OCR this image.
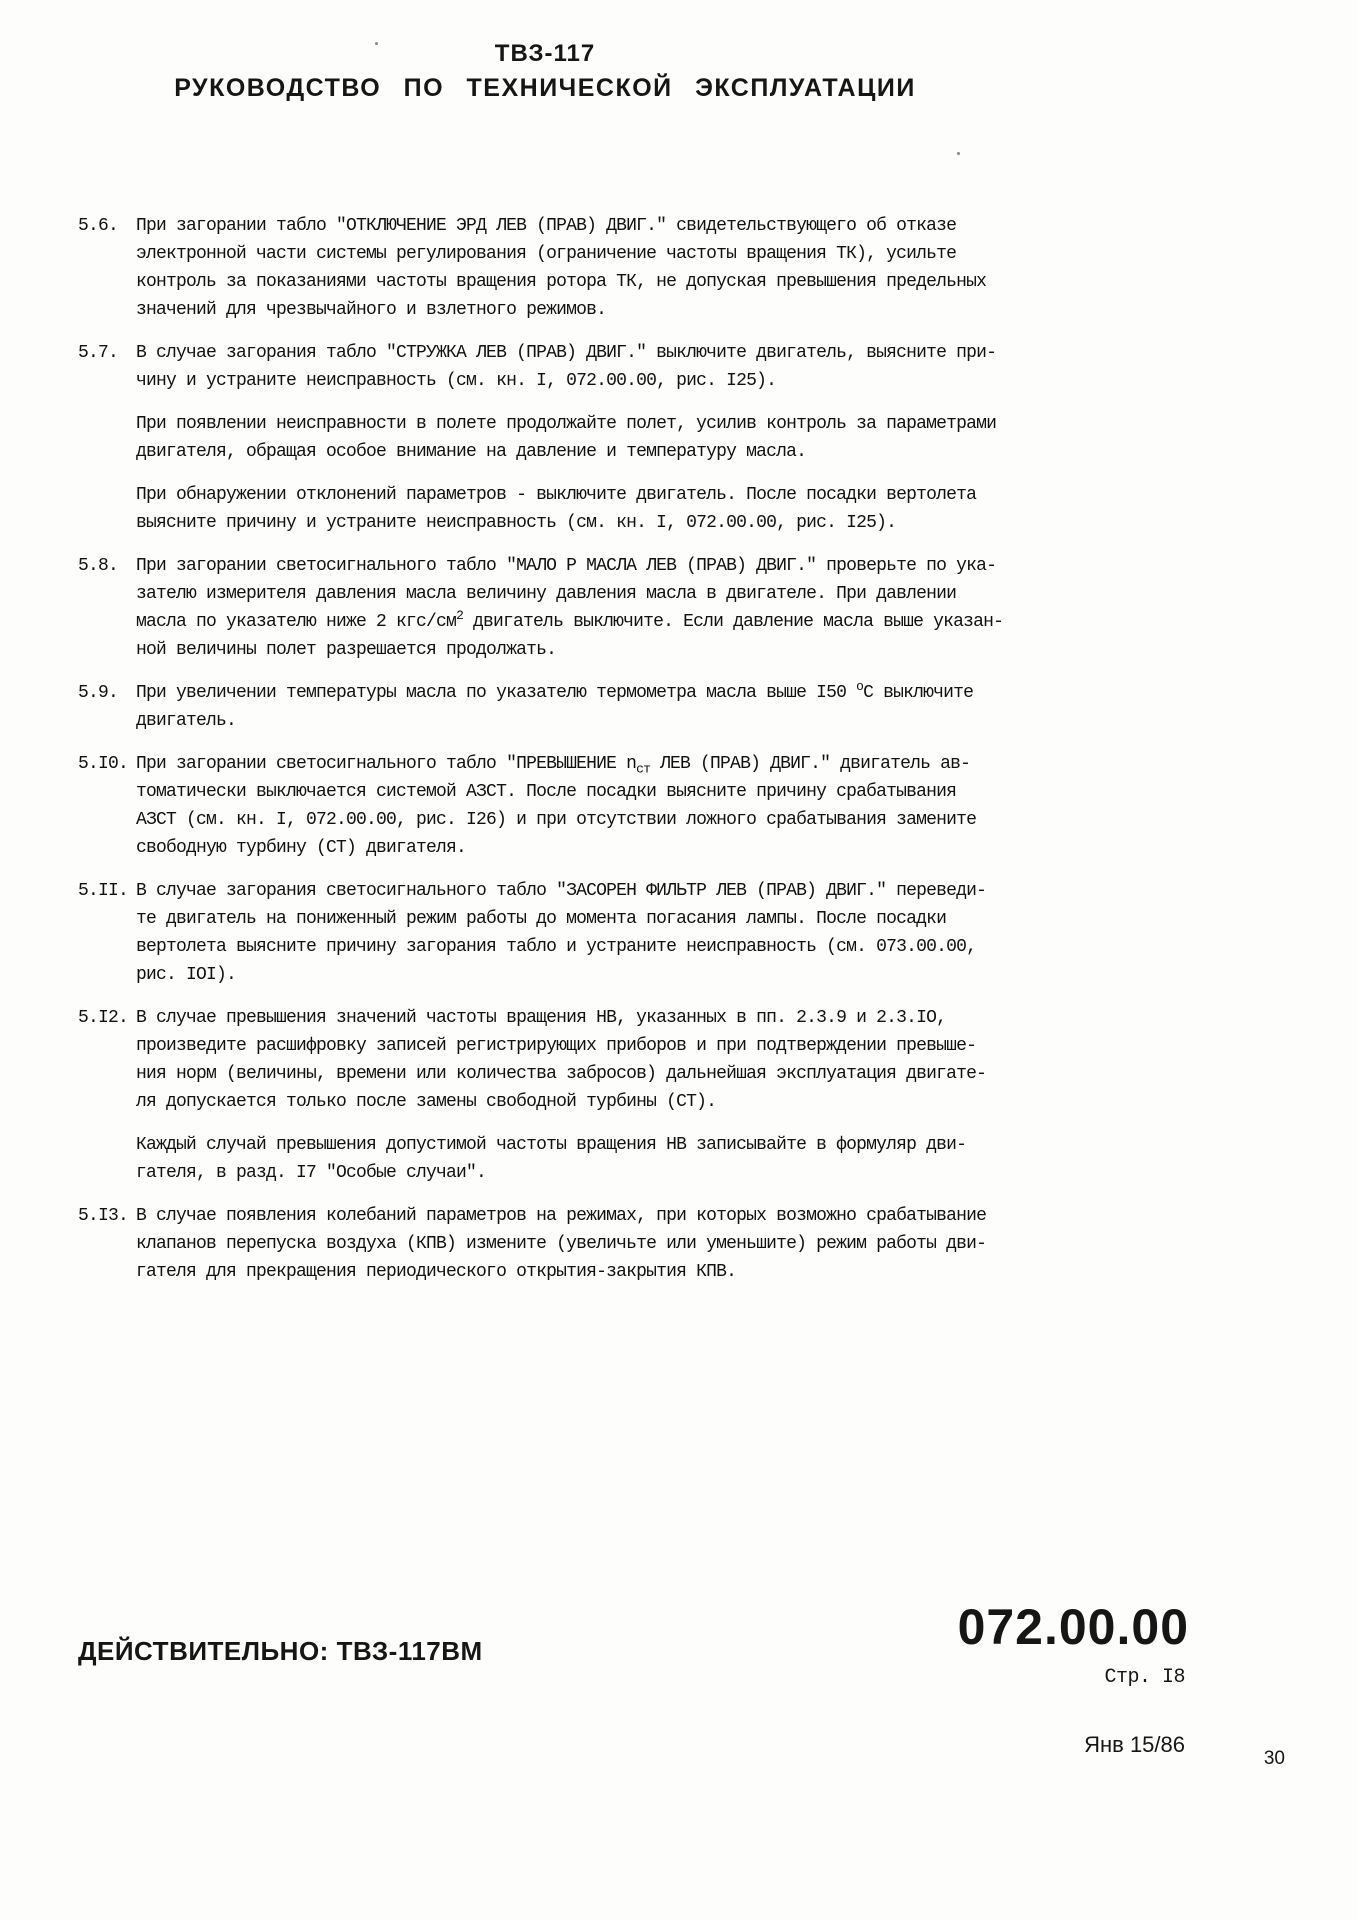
ТВЗ-117
РУКОВОДСТВО ПО ТЕХНИЧЕСКОЙ ЭКСПЛУАТАЦИИ
5.6. При загорании табло "ОТКЛЮЧЕНИЕ ЭРД ЛЕВ (ПРАВ) ДВИГ." свидетельствующего об отказе
электронной части системы регулирования (ограничение частоты вращения ТК), усильте
контроль за показаниями частоты вращения ротора ТК, не допуская превышения предельных
значений для чрезвычайного и взлетного режимов.
5.7. В случае загорания табло "СТРУЖКА ЛЕВ (ПРАВ) ДВИГ." выключите двигатель, выясните при-
чину и устраните неисправность (см. кн. I, 072.00.00, рис. I25).
При появлении неисправности в полете продолжайте полет, усилив контроль за параметрами
двигателя, обращая особое внимание на давление и температуру масла.
При обнаружении отклонений параметров - выключите двигатель. После посадки вертолета
выясните причину и устраните неисправность (см. кн. I, 072.00.00, рис. I25).
5.8. При загорании светосигнального табло "МАЛО Р МАСЛА ЛЕВ (ПРАВ) ДВИГ." проверьте по ука-
зателю измерителя давления масла величину давления масла в двигателе. При давлении
масла по указателю ниже 2 кгс/$см^2$ двигатель выключите. Если давление масла выше указан-
ной величины полет разрешается продолжать.
5.9. При увеличении температуры масла по указателю термометра масла выше I50 $^о$С выключите
двигатель.
5.I0. При загорании светосигнального табло "ПРЕВЫШЕНИЕ $n_{ст}$ ЛЕВ (ПРАВ) ДВИГ." двигатель ав-
томатически выключается системой АЗСТ. После посадки выясните причину срабатывания
АЗСТ (см. кн. I, 072.00.00, рис. I26) и при отсутствии ложного срабатывания замените
свободную турбину (СТ) двигателя.
5.II. В случае загорания светосигнального табло "ЗАСОРЕН ФИЛЬТР ЛЕВ (ПРАВ) ДВИГ." переведи-
те двигатель на пониженный режим работы до момента погасания лампы. После посадки
вертолета выясните причину загорания табло и устраните неисправность (см. 073.00.00,
рис. IOI).
5.I2. В случае превышения значений частоты вращения НВ, указанных в пп. 2.3.9 и 2.3.IO,
произведите расшифровку записей регистрирующих приборов и при подтверждении превыше-
ния норм (величины, времени или количества забросов) дальнейшая эксплуатация двигате-
ля допускается только после замены свободной турбины (СТ).
Каждый случай превышения допустимой частоты вращения НВ записывайте в формуляр дви-
гателя, в разд. I7 "Особые случаи".
5.I3. В случае появления колебаний параметров на режимах, при которых возможно срабатывание
клапанов перепуска воздуха (КПВ) измените (увеличьте или уменьшите) режим работы дви-
гателя для прекращения периодического открытия-закрытия КПВ.
ДЕЙСТВИТЕЛЬНО: ТВЗ-117ВМ	072.00.00
Стр. I8
Янв 15/86
30
